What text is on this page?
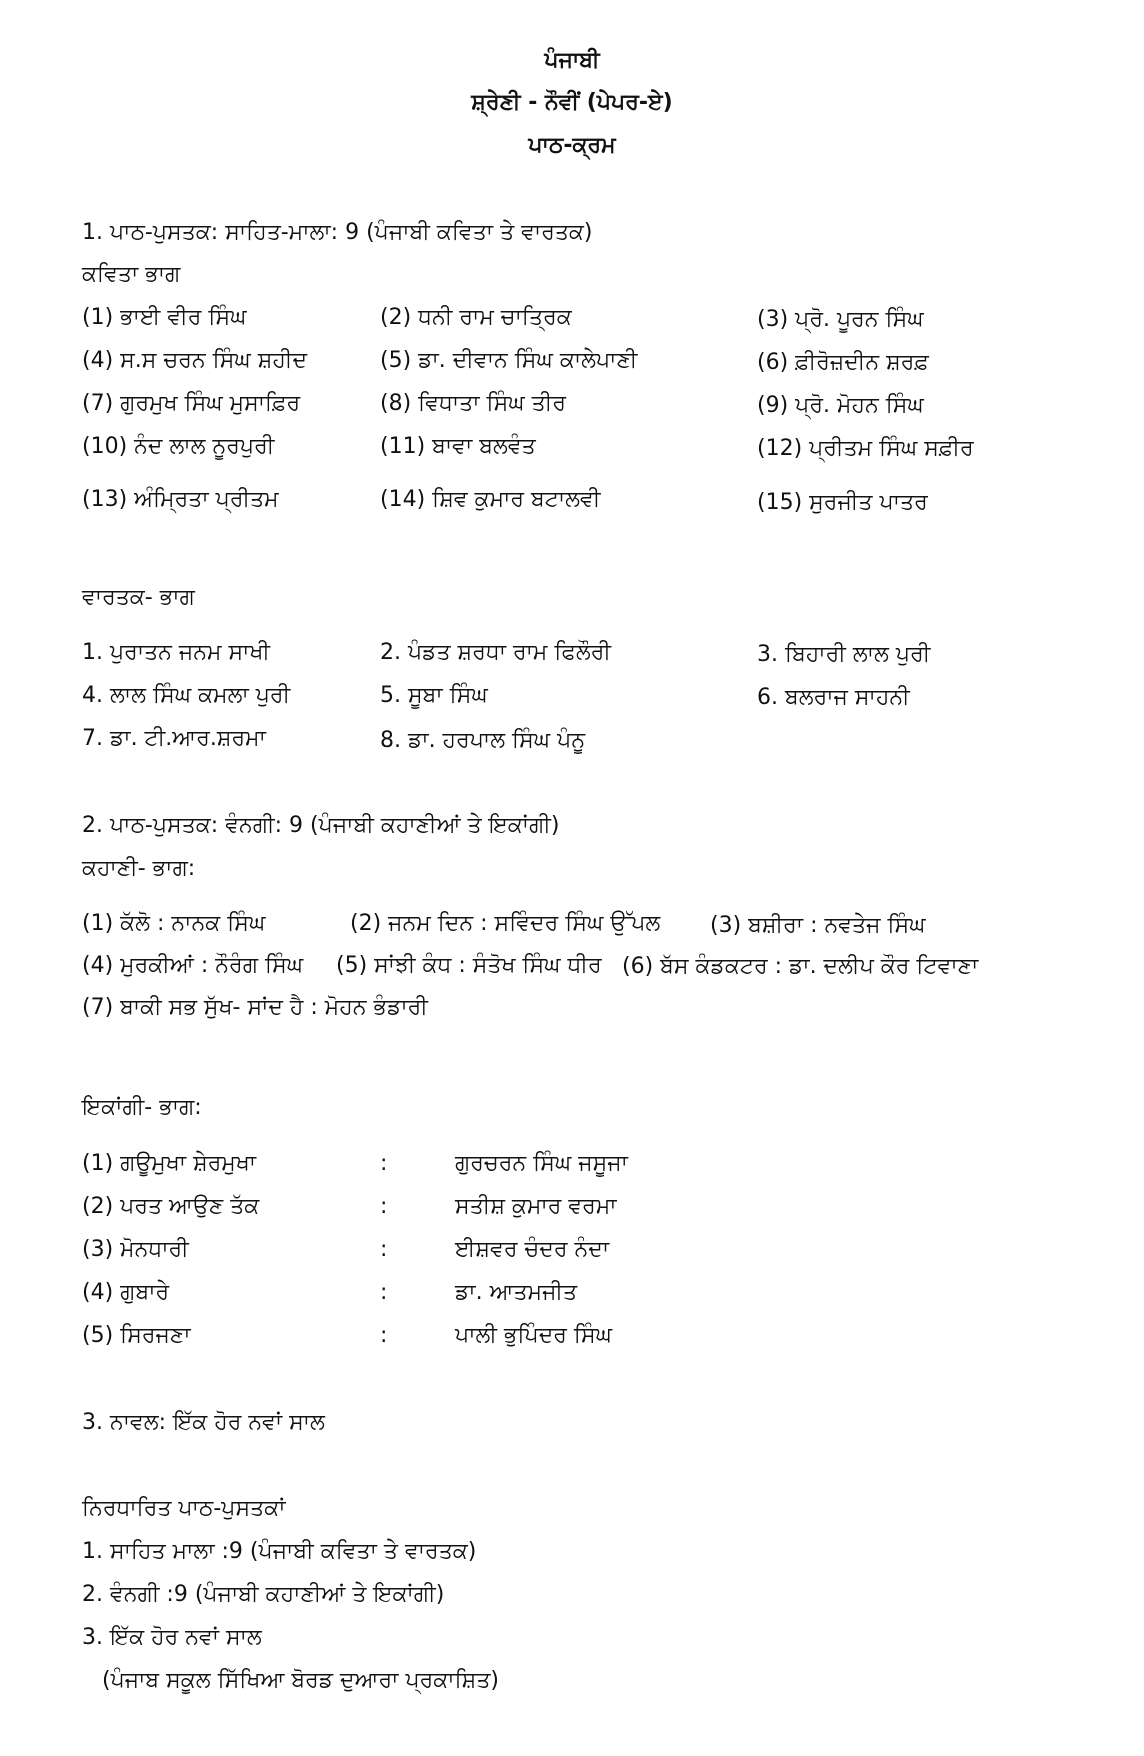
ਪੰਜਾਬੀ
ਸ਼੍ਰੇਣੀ - ਨੌਵੀਂ (ਪੇਪਰ-ਏ)
ਪਾਠ-ਕ੍ਰਮ
1. ਪਾਠ-ਪੁਸਤਕ: ਸਾਹਿਤ-ਮਾਲਾ: 9 (ਪੰਜਾਬੀ ਕਵਿਤਾ ਤੇ ਵਾਰਤਕ)
ਕਵਿਤਾ ਭਾਗ
(1) ਭਾਈ ਵੀਰ ਸਿੰਘ	(2) ਧਨੀ ਰਾਮ ਚਾਤ੍ਰਿਕ	(3) ਪ੍ਰੋ. ਪੂਰਨ ਸਿੰਘ
(4) ਸ.ਸ ਚਰਨ ਸਿੰਘ ਸ਼ਹੀਦ	(5) ਡਾ. ਦੀਵਾਨ ਸਿੰਘ ਕਾਲੇਪਾਣੀ	(6) ਫ਼ੀਰੋਜ਼ਦੀਨ ਸ਼ਰਫ਼
(7) ਗੁਰਮੁਖ ਸਿੰਘ ਮੁਸਾਫ਼ਿਰ	(8) ਵਿਧਾਤਾ ਸਿੰਘ ਤੀਰ	(9) ਪ੍ਰੋ. ਮੋਹਨ ਸਿੰਘ
(10) ਨੰਦ ਲਾਲ ਨੂਰਪੁਰੀ	(11) ਬਾਵਾ ਬਲਵੰਤ	(12) ਪ੍ਰੀਤਮ ਸਿੰਘ ਸਫ਼ੀਰ
(13) ਅੰਮ੍ਰਿਤਾ ਪ੍ਰੀਤਮ	(14) ਸ਼ਿਵ ਕੁਮਾਰ ਬਟਾਲਵੀ	(15) ਸੁਰਜੀਤ ਪਾਤਰ
ਵਾਰਤਕ- ਭਾਗ
1. ਪੁਰਾਤਨ ਜਨਮ ਸਾਖੀ	2. ਪੰਡਤ ਸ਼ਰਧਾ ਰਾਮ ਫਿਲੌਰੀ	3. ਬਿਹਾਰੀ ਲਾਲ ਪੁਰੀ
4. ਲਾਲ ਸਿੰਘ ਕਮਲਾ ਪੁਰੀ	5. ਸੂਬਾ ਸਿੰਘ	6. ਬਲਰਾਜ ਸਾਹਨੀ
7. ਡਾ. ਟੀ.ਆਰ.ਸ਼ਰਮਾ	8. ਡਾ. ਹਰਪਾਲ ਸਿੰਘ ਪੰਨੂ
2. ਪਾਠ-ਪੁਸਤਕ: ਵੰਨਗੀ: 9 (ਪੰਜਾਬੀ ਕਹਾਣੀਆਂ ਤੇ ਇਕਾਂਗੀ)
ਕਹਾਣੀ- ਭਾਗ:
(1) ਕੱਲੋ : ਨਾਨਕ ਸਿੰਘ	(2) ਜਨਮ ਦਿਨ : ਸਵਿੰਦਰ ਸਿੰਘ ਉੱਪਲ (3) ਬਸ਼ੀਰਾ : ਨਵਤੇਜ ਸਿੰਘ
(4) ਮੁਰਕੀਆਂ : ਨੌਰੰਗ ਸਿੰਘ (5) ਸਾਂਝੀ ਕੰਧ : ਸੰਤੋਖ ਸਿੰਘ ਧੀਰ (6) ਬੱਸ ਕੰਡਕਟਰ : ਡਾ. ਦਲੀਪ ਕੌਰ ਟਿਵਾਣਾ
(7) ਬਾਕੀ ਸਭ ਸੁੱਖ- ਸਾਂਦ ਹੈ : ਮੋਹਨ ਭੰਡਾਰੀ
ਇਕਾਂਗੀ- ਭਾਗ:
(1) ਗਊਮੁਖਾ ਸ਼ੇਰਮੁਖਾ	:	ਗੁਰਚਰਨ ਸਿੰਘ ਜਸੂਜਾ
(2) ਪਰਤ ਆਉਣ ਤੱਕ	:	ਸਤੀਸ਼ ਕੁਮਾਰ ਵਰਮਾ
(3) ਮੋਨਧਾਰੀ	:	ਈਸ਼ਵਰ ਚੰਦਰ ਨੰਦਾ
(4) ਗੁਬਾਰੇ	:	ਡਾ. ਆਤਮਜੀਤ
(5) ਸਿਰਜਣਾ	:	ਪਾਲੀ ਭੁਪਿੰਦਰ ਸਿੰਘ
3. ਨਾਵਲ: ਇੱਕ ਹੋਰ ਨਵਾਂ ਸਾਲ
ਨਿਰਧਾਰਿਤ ਪਾਠ-ਪੁਸਤਕਾਂ
1. ਸਾਹਿਤ ਮਾਲਾ :9 (ਪੰਜਾਬੀ ਕਵਿਤਾ ਤੇ ਵਾਰਤਕ)
2. ਵੰਨਗੀ :9 (ਪੰਜਾਬੀ ਕਹਾਣੀਆਂ ਤੇ ਇਕਾਂਗੀ)
3. ਇੱਕ ਹੋਰ ਨਵਾਂ ਸਾਲ
(ਪੰਜਾਬ ਸਕੂਲ ਸਿੱਖਿਆ ਬੋਰਡ ਦੁਆਰਾ ਪ੍ਰਕਾਸ਼ਿਤ)
